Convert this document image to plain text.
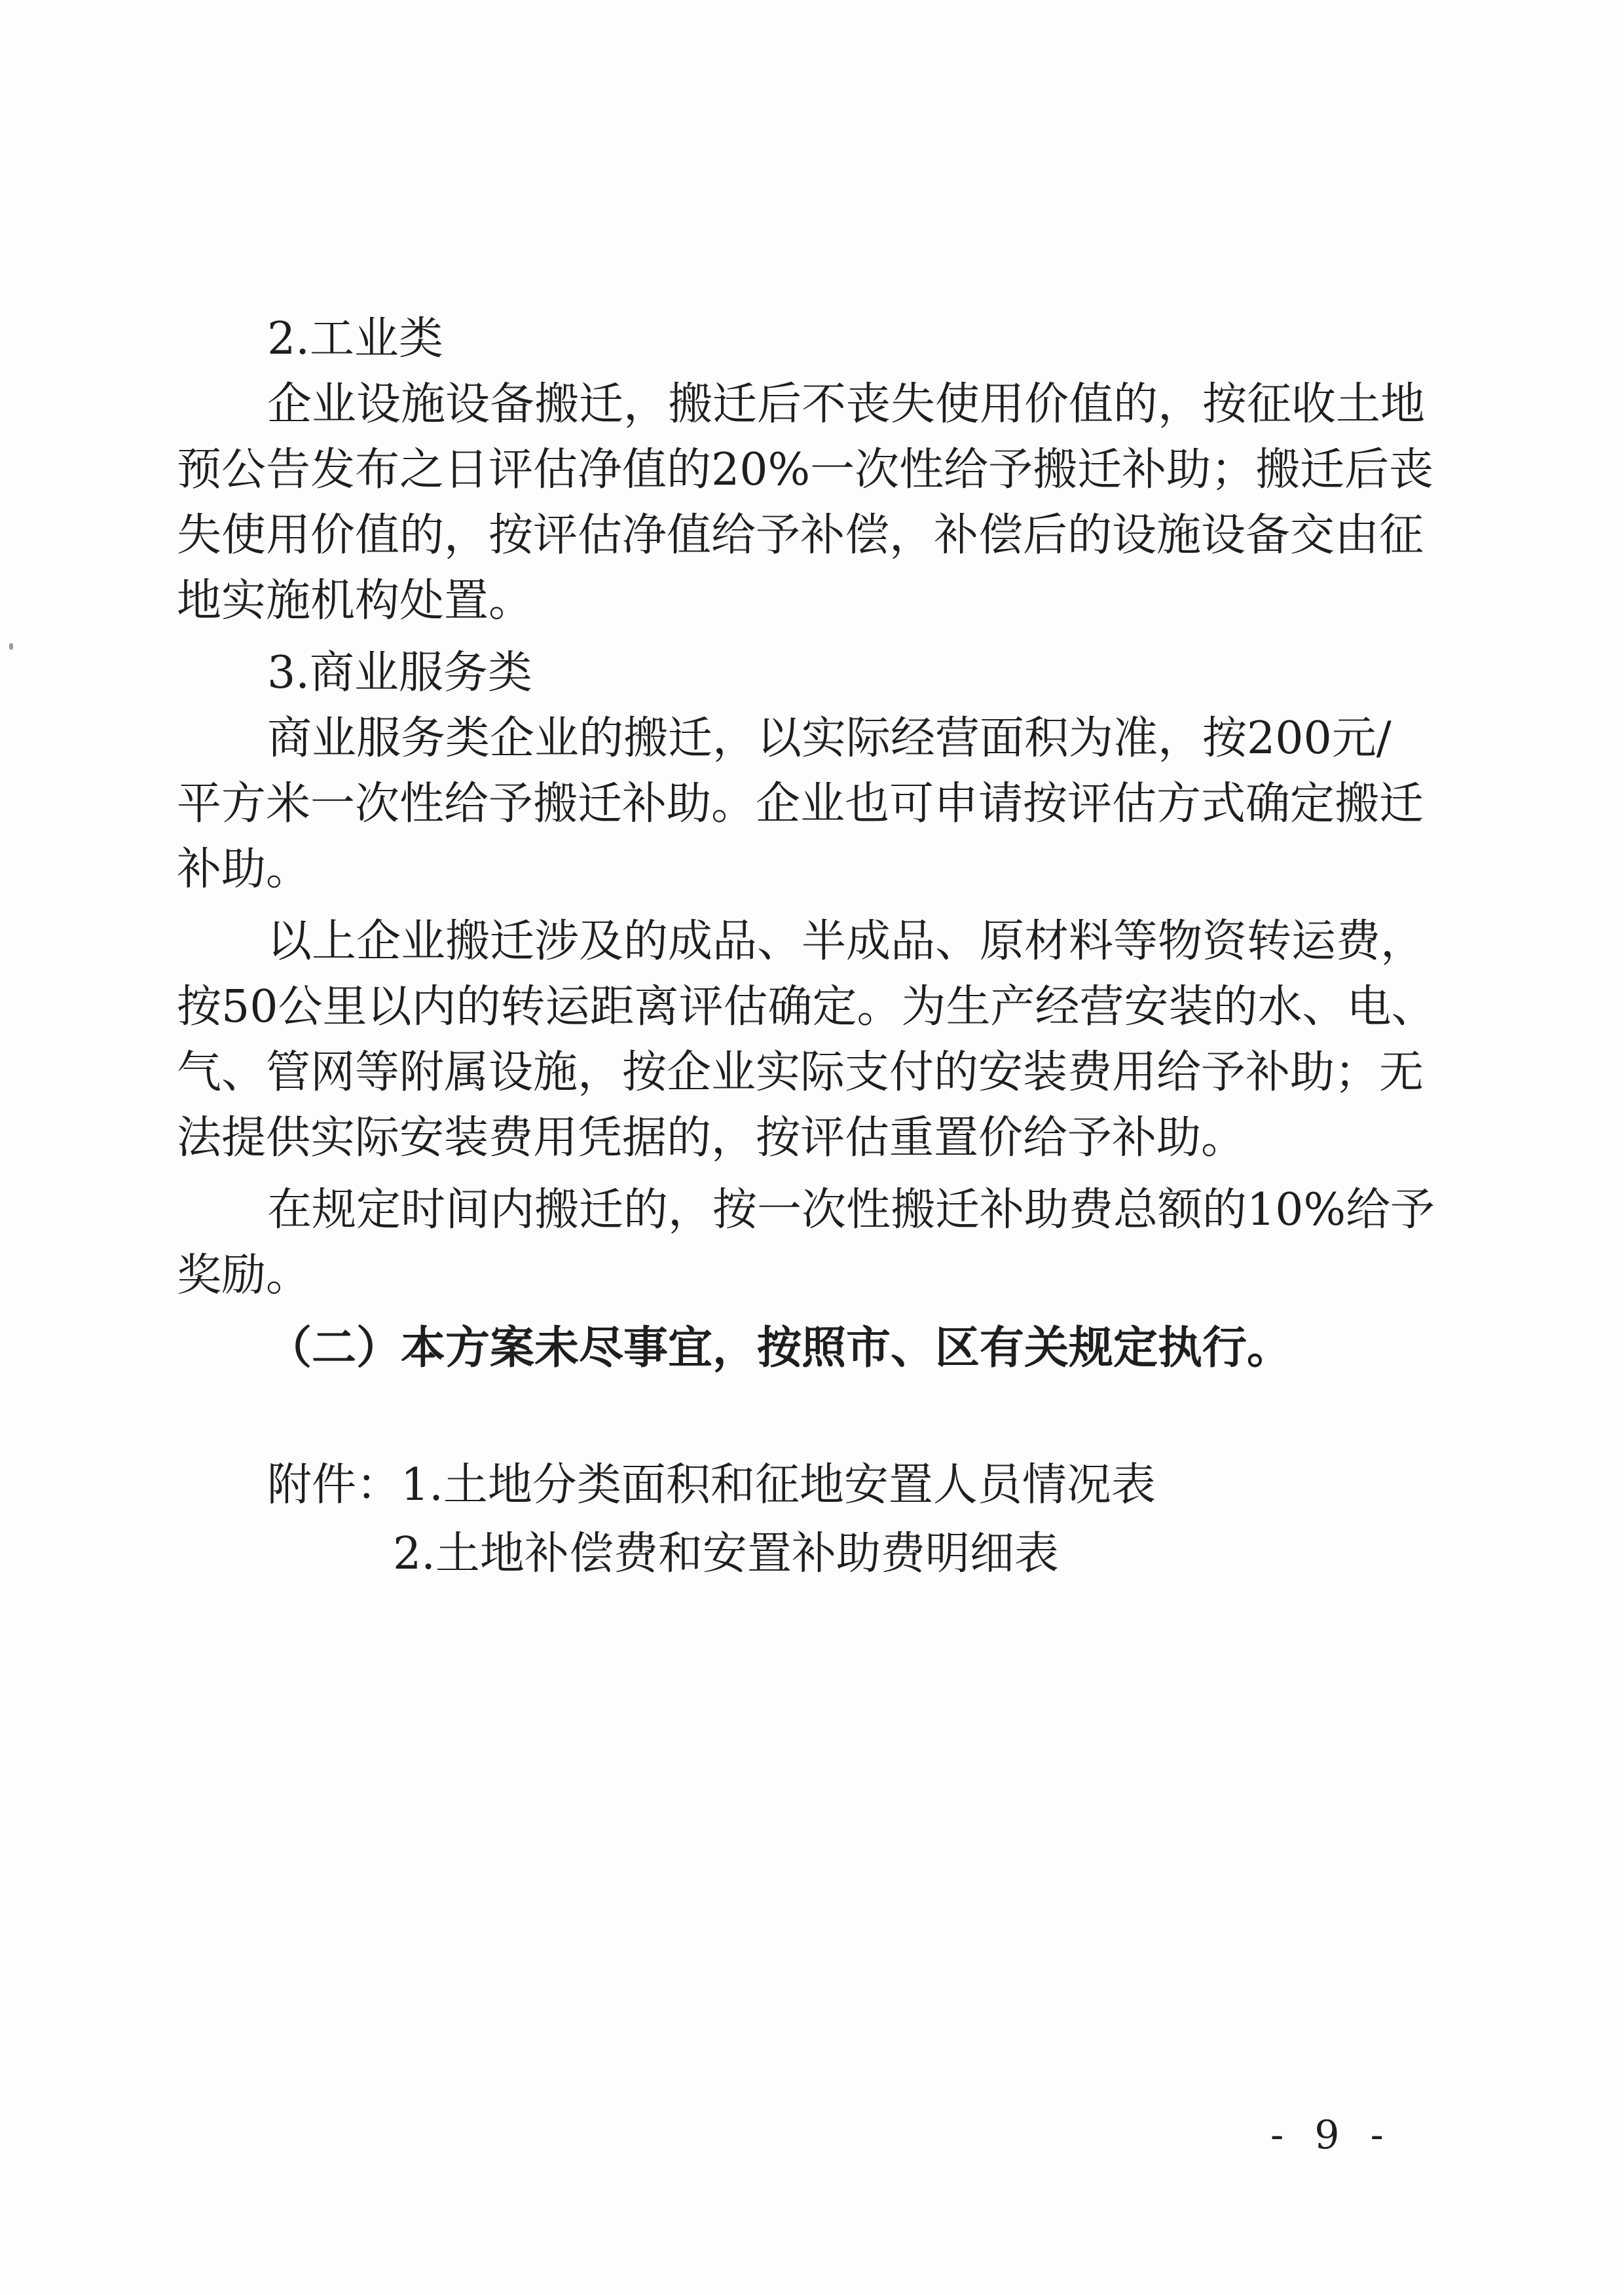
2.工业类
企业设施设备搬迁，搬迁后不丧失使用价值的，按征收土地
预公告发布之日评估净值的20%一次性给予搬迁补助；搬迁后丧
失使用价值的，按评估净值给予补偿，补偿后的设施设备交由征
地实施机构处置。
3.商业服务类
商业服务类企业的搬迁，以实际经营面积为准，按200元/
平方米一次性给予搬迁补助。企业也可申请按评估方式确定搬迁
补助。
以上企业搬迁涉及的成品、半成品、原材料等物资转运费，
按50公里以内的转运距离评估确定。为生产经营安装的水、电、
气、管网等附属设施，按企业实际支付的安装费用给予补助；无
法提供实际安装费用凭据的，按评估重置价给予补助。
在规定时间内搬迁的，按一次性搬迁补助费总额的10%给予
奖励。
（二）本方案未尽事宜，按照市、区有关规定执行。
附件：1.土地分类面积和征地安置人员情况表
2.土地补偿费和安置补助费明细表
- 9 -
